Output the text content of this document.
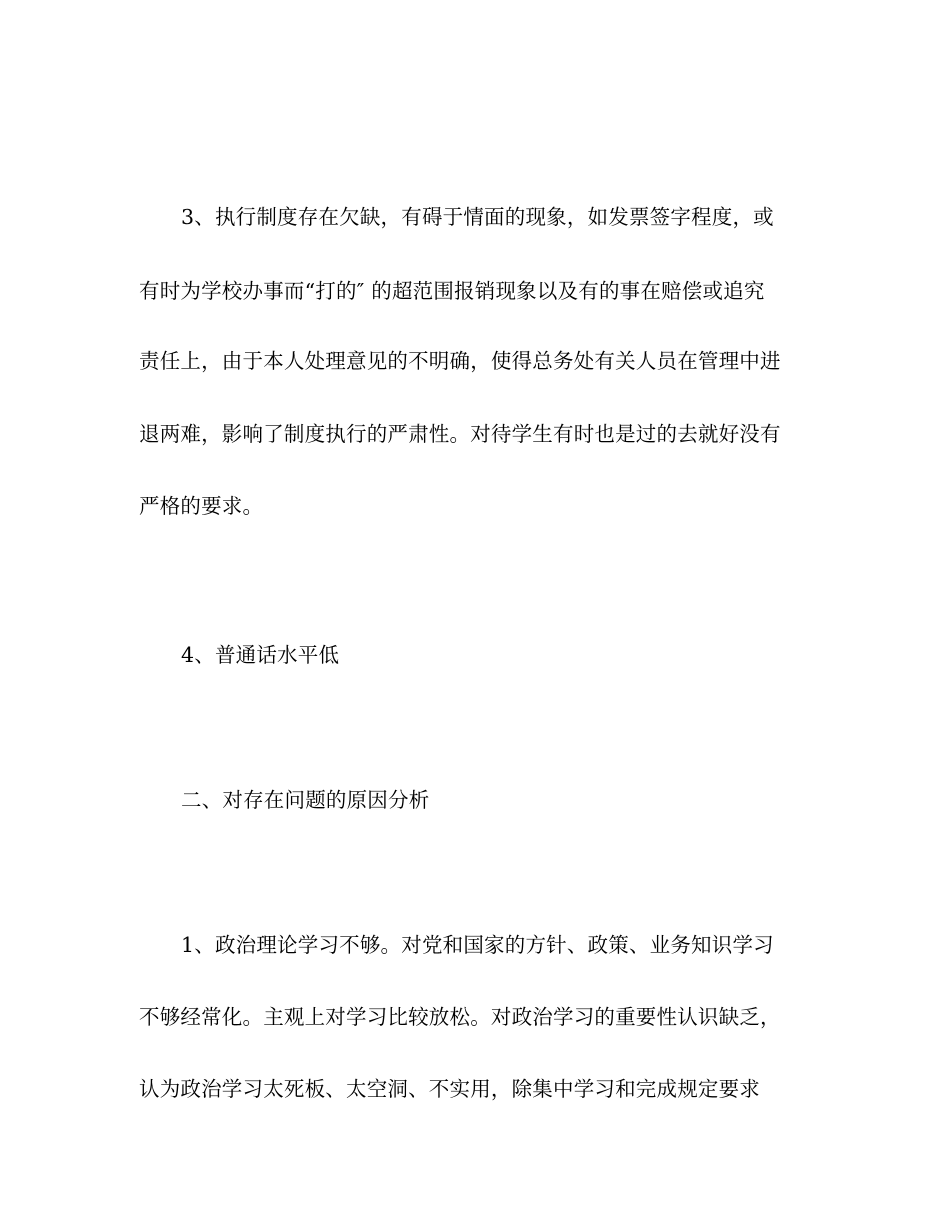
3、执行制度存在欠缺，有碍于情面的现象，如发票签字程度，或
有时为学校办事而“打的″ 的超范围报销现象以及有的事在赔偿或追究
责任上，由于本人处理意见的不明确，使得总务处有关人员在管理中进
退两难，影响了制度执行的严肃性。对待学生有时也是过的去就好没有
严格的要求。
4、普通话水平低
二、对存在问题的原因分析
1、政治理论学习不够。对党和国家的方针、政策、业务知识学习
不够经常化。主观上对学习比较放松。对政治学习的重要性认识缺乏，
认为政治学习太死板、太空洞、不实用，除集中学习和完成规定要求
